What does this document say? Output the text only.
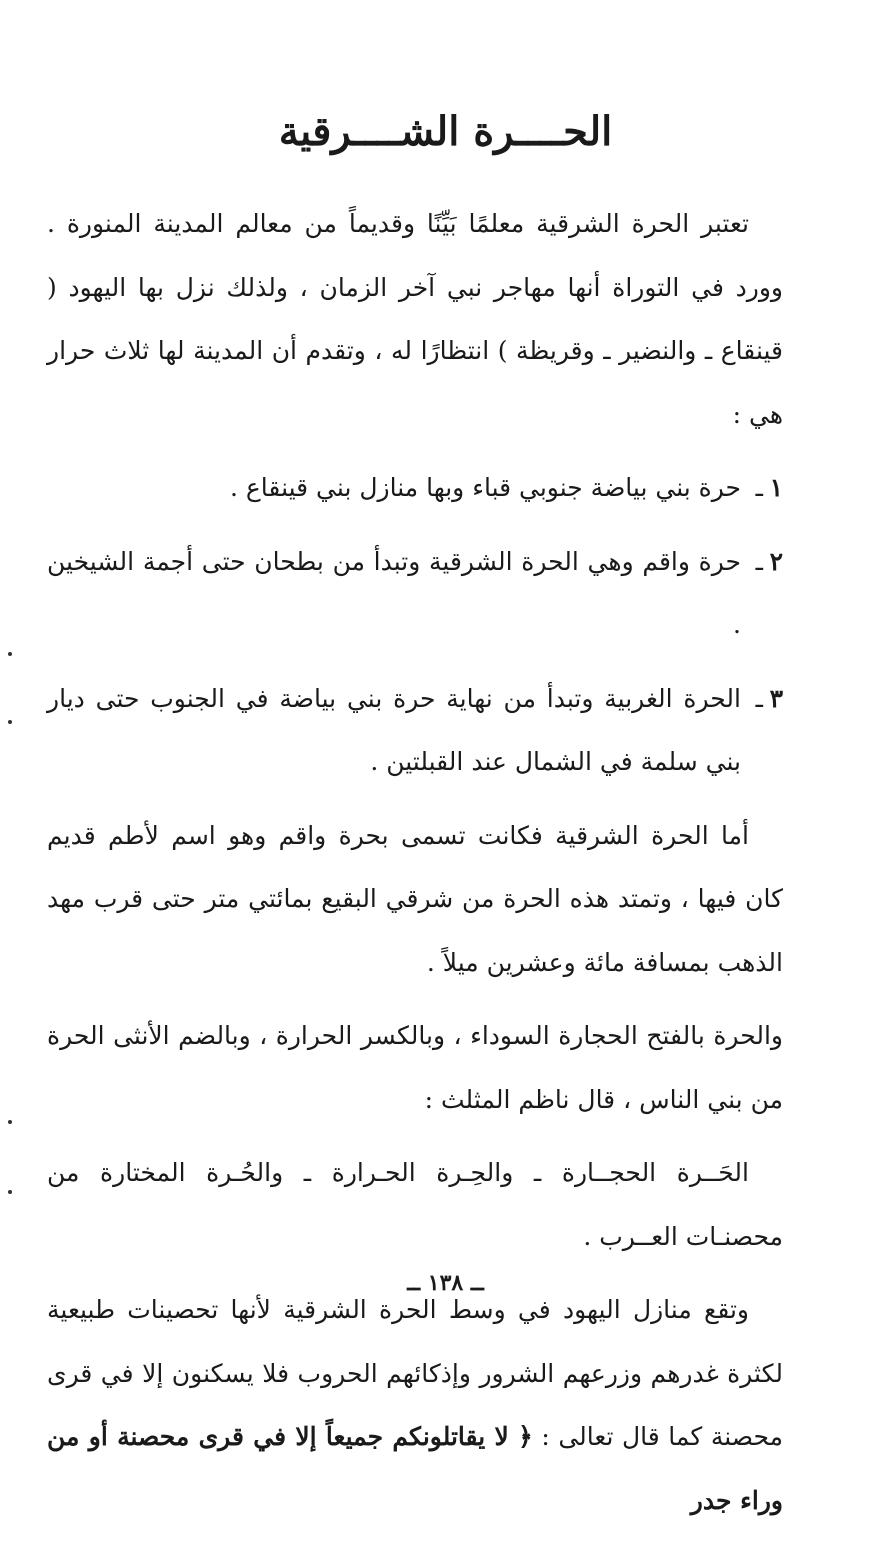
الحــــرة الشــــرقية

تعتبر الحرة الشرقية معلمًا بَيِّنًا وقديماً من معالم المدينة المنورة . وورد في التوراة أنها مهاجر نبي آخر الزمان ، ولذلك نزل بها اليهود ( قينقاع ـ والنضير ـ وقريظة ) انتظارًا له ، وتقدم أن المدينة لها ثلاث حرار هي :

١
ـ
حرة بني بياضة جنوبي قباء وبها منازل بني قينقاع .
٢
ـ
حرة واقم وهي الحرة الشرقية وتبدأ من بطحان حتى أجمة الشيخين .
٣
ـ
الحرة الغربية وتبدأ من نهاية حرة بني بياضة في الجنوب حتى ديار بني سلمة في الشمال عند القبلتين .

أما الحرة الشرقية فكانت تسمى بحرة واقم وهو اسم لأطم قديم كان فيها ، وتمتد هذه الحرة من شرقي البقيع بمائتي متر حتى قرب مهد الذهب بمسافة مائة وعشرين ميلاً .

والحرة بالفتح الحجارة السوداء ، وبالكسر الحرارة ، وبالضم الأنثى الحرة من بني الناس ، قال ناظم المثلث :

الحَــرة الحجــارة ـ والحِـرة الحـرارة ـ والحُـرة المختارة من محصنـات العــرب .

وتقع منازل اليهود في وسط الحرة الشرقية لأنها تحصينات طبيعية لكثرة غدرهم وزرعهم الشرور وإذكائهم الحروب فلا يسكنون إلا في قرى محصنة كما قال تعالى : ﴿ لا يقاتلونكم جميعاً إلا في قرى محصنة أو من وراء جدر

ــ ١٣٨ ــ
